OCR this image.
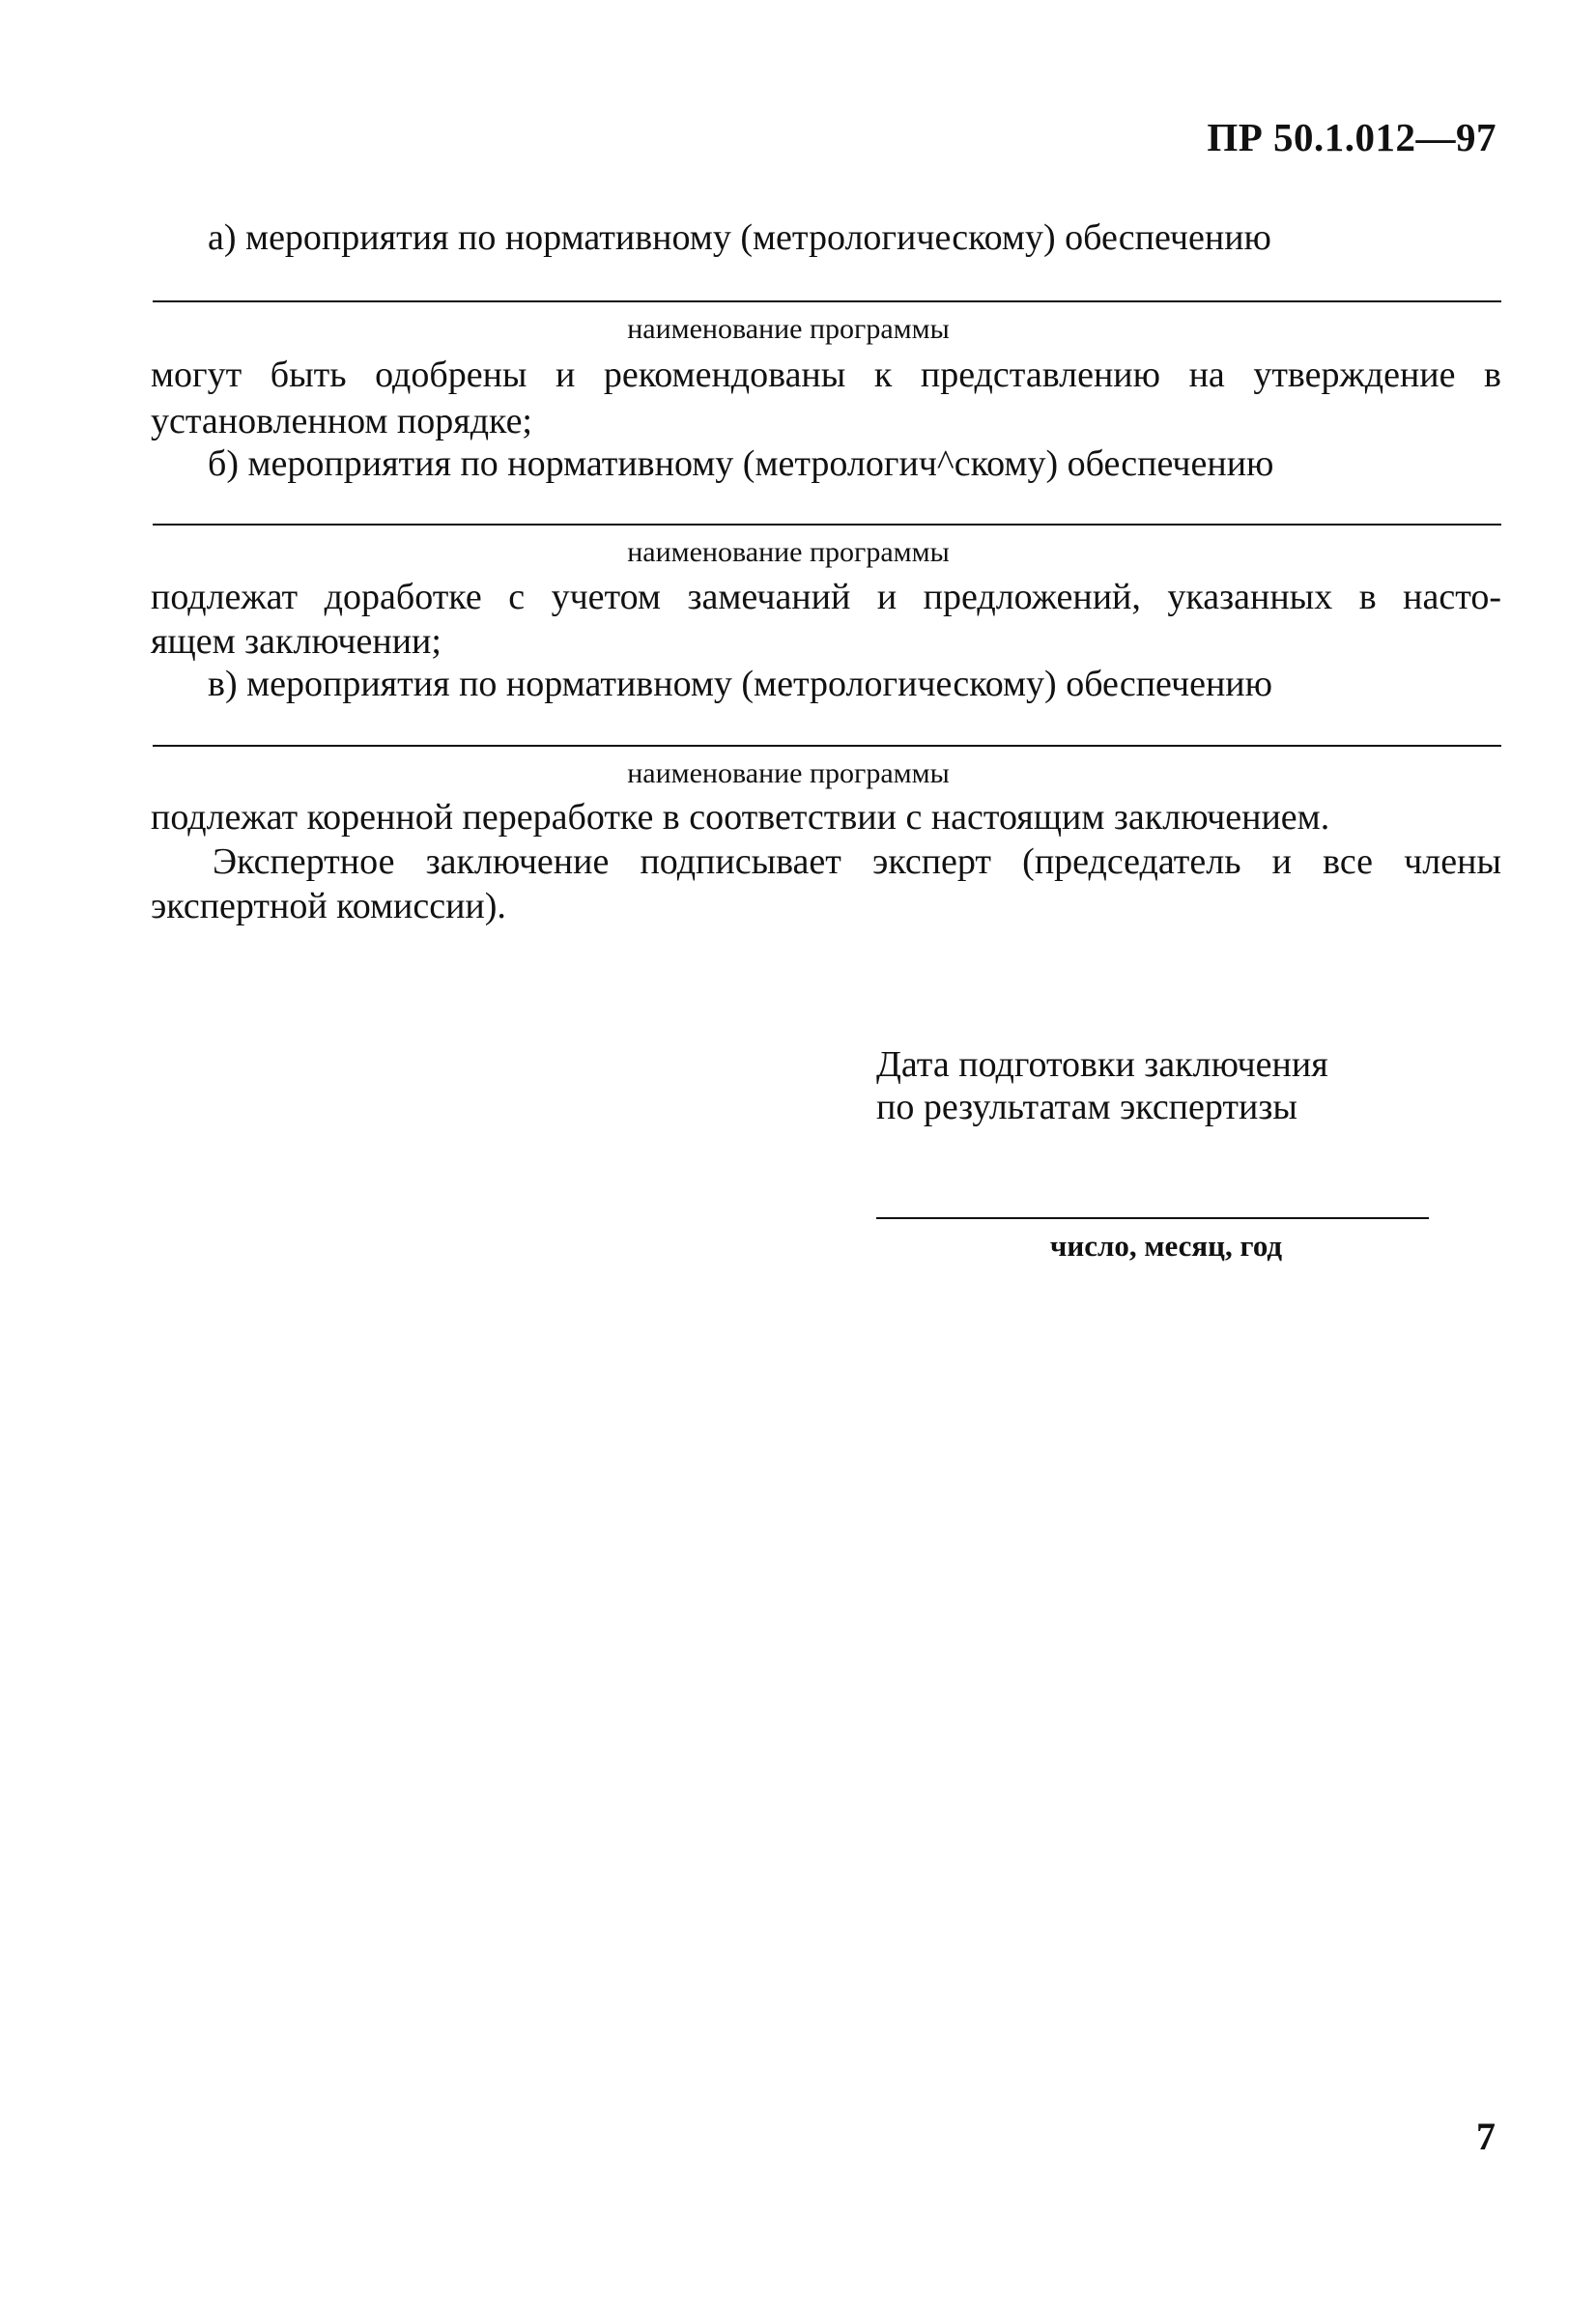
ПР 50.1.012—97
а) мероприятия по нормативному (метрологическому) обеспечению
наименование программы
могут быть одобрены и рекомендованы к представлению на утверждение в
установленном порядке;
б) мероприятия по нормативному (метрологич^скому) обеспечению
наименование программы
подлежат доработке с учетом замечаний и предложений, указанных в насто-
ящем заключении;
в) мероприятия по нормативному (метрологическому) обеспечению
наименование программы
подлежат коренной переработке в соответствии с настоящим заключением.
Экспертное заключение подписывает эксперт (председатель и все члены
экспертной комиссии).
Дата подготовки заключения
по результатам экспертизы
число, месяц, год
7
